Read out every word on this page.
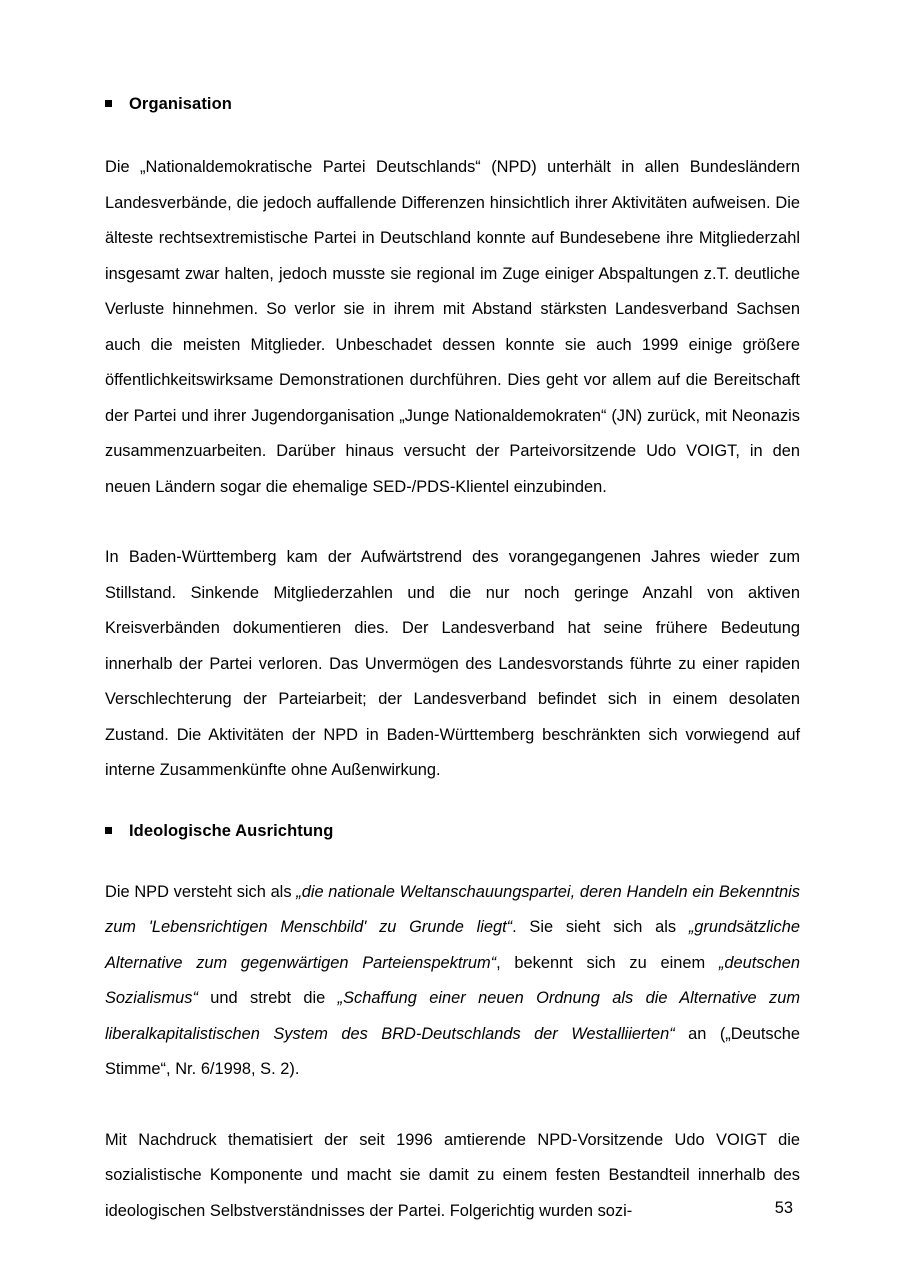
Organisation

Die „Nationaldemokratische Partei Deutschlands“ (NPD) unterhält in allen Bundesländern Landesverbände, die jedoch auffallende Differenzen hinsichtlich ihrer Aktivitäten aufweisen. Die älteste rechtsextremistische Partei in Deutschland konnte auf Bundesebene ihre Mitgliederzahl insgesamt zwar halten, jedoch musste sie regional im Zuge einiger Abspaltungen z.T. deutliche Verluste hinnehmen. So verlor sie in ihrem mit Abstand stärksten Landesverband Sachsen auch die meisten Mitglieder. Unbeschadet dessen konnte sie auch 1999 einige größere öffentlichkeitswirksame Demonstrationen durchführen. Dies geht vor allem auf die Bereitschaft der Partei und ihrer Jugendorganisation „Junge Nationaldemokraten“ (JN) zurück, mit Neonazis zusammenzuarbeiten. Darüber hinaus versucht der Parteivorsitzende Udo VOIGT, in den neuen Ländern sogar die ehemalige SED-/PDS-Klientel einzubinden.

In Baden-Württemberg kam der Aufwärtstrend des vorangegangenen Jahres wieder zum Stillstand. Sinkende Mitgliederzahlen und die nur noch geringe Anzahl von aktiven Kreisverbänden dokumentieren dies. Der Landesverband hat seine frühere Bedeutung innerhalb der Partei verloren. Das Unvermögen des Landesvorstands führte zu einer rapiden Verschlechterung der Parteiarbeit; der Landesverband befindet sich in einem desolaten Zustand. Die Aktivitäten der NPD in Baden-Württemberg beschränkten sich vorwiegend auf interne Zusammenkünfte ohne Außenwirkung.

Ideologische Ausrichtung

Die NPD versteht sich als „die nationale Weltanschauungspartei, deren Handeln ein Bekenntnis zum 'Lebensrichtigen Menschbild' zu Grunde liegt“. Sie sieht sich als „grundsätzliche Alternative zum gegenwärtigen Parteienspektrum“, bekennt sich zu einem „deutschen Sozialismus“ und strebt die „Schaffung einer neuen Ordnung als die Alternative zum liberalkapitalistischen System des BRD-Deutschlands der Westalliierten“ an („Deutsche Stimme“, Nr. 6/1998, S. 2).

Mit Nachdruck thematisiert der seit 1996 amtierende NPD-Vorsitzende Udo VOIGT die sozialistische Komponente und macht sie damit zu einem festen Bestandteil innerhalb des ideologischen Selbstverständnisses der Partei. Folgerichtig wurden sozi-	53
